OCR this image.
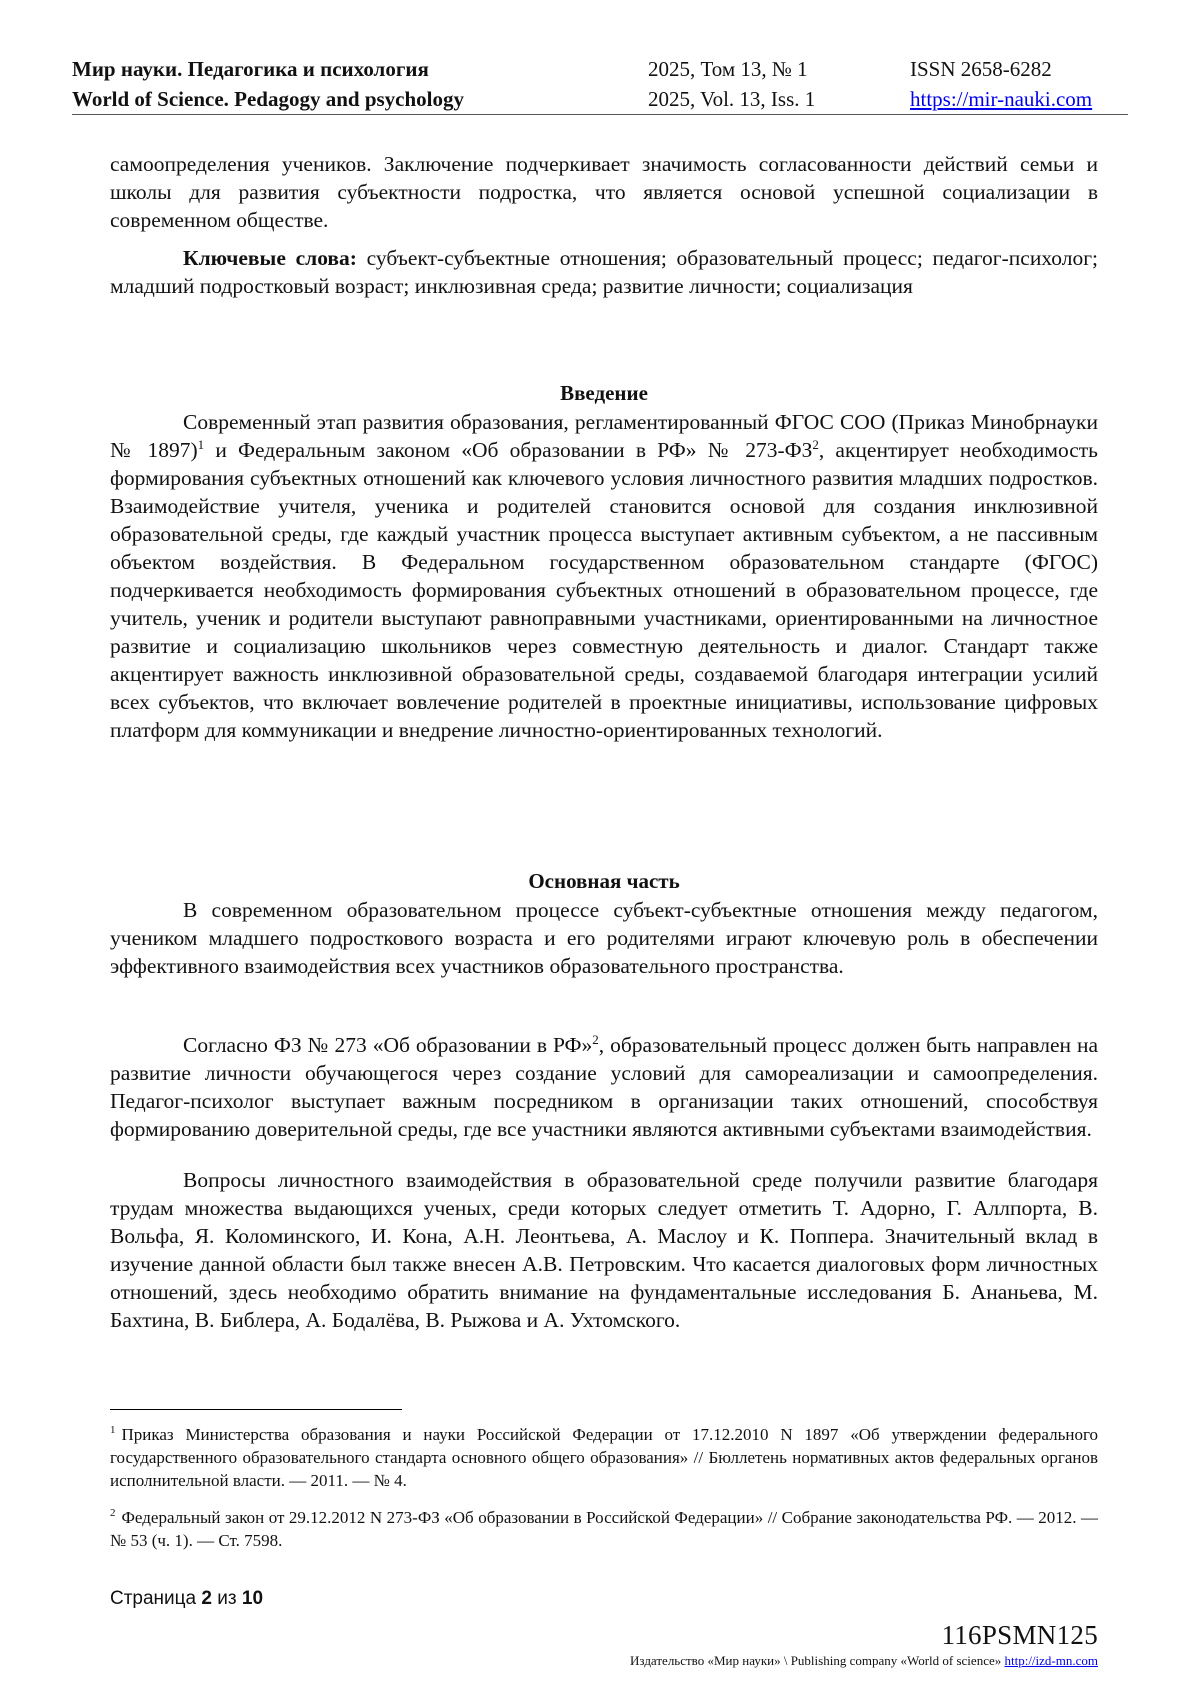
Мир науки. Педагогика и психология
World of Science. Pedagogy and psychology
2025, Том 13, № 1
2025, Vol. 13, Iss. 1
ISSN 2658-6282
https://mir-nauki.com

самоопределения учеников. Заключение подчеркивает значимость согласованности действий семьи и школы для развития субъектности подростка, что является основой успешной социализации в современном обществе.

Ключевые слова: субъект-субъектные отношения; образовательный процесс; педагог-психолог; младший подростковый возраст; инклюзивная среда; развитие личности; социализация

Введение

Современный этап развития образования, регламентированный ФГОС СОО (Приказ Минобрнауки № 1897)$^1$ и Федеральным законом «Об образовании в РФ» № $273-ФЗ^2$, акцентирует необходимость формирования субъектных отношений как ключевого условия личностного развития младших подростков. Взаимодействие учителя, ученика и родителей становится основой для создания инклюзивной образовательной среды, где каждый участник процесса выступает активным субъектом, а не пассивным объектом воздействия. В Федеральном государственном образовательном стандарте (ФГОС) подчеркивается необходимость формирования субъектных отношений в образовательном процессе, где учитель, ученик и родители выступают равноправными участниками, ориентированными на личностное развитие и социализацию школьников через совместную деятельность и диалог. Стандарт также акцентирует важность инклюзивной образовательной среды, создаваемой благодаря интеграции усилий всех субъектов, что включает вовлечение родителей в проектные инициативы, использование цифровых платформ для коммуникации и внедрение личностно-ориентированных технологий.

Основная часть

В современном образовательном процессе субъект-субъектные отношения между педагогом, учеником младшего подросткового возраста и его родителями играют ключевую роль в обеспечении эффективного взаимодействия всех участников образовательного пространства.

Согласно ФЗ № 273 «Об образовании в РФ»$^2$, образовательный процесс должен быть направлен на развитие личности обучающегося через создание условий для самореализации и самоопределения. Педагог-психолог выступает важным посредником в организации таких отношений, способствуя формированию доверительной среды, где все участники являются активными субъектами взаимодействия.

Вопросы личностного взаимодействия в образовательной среде получили развитие благодаря трудам множества выдающихся ученых, среди которых следует отметить Т. Адорно, Г. Аллпорта, В. Вольфа, Я. Коломинского, И. Кона, А.Н. Леонтьева, А. Маслоу и К. Поппера. Значительный вклад в изучение данной области был также внесен А.В. Петровским. Что касается диалоговых форм личностных отношений, здесь необходимо обратить внимание на фундаментальные исследования Б. Ананьева, М. Бахтина, В. Библера, А. Бодалёва, В. Рыжова и А. Ухтомского.

$^1$ Приказ Министерства образования и науки Российской Федерации от 17.12.2010 N 1897 «Об утверждении федерального государственного образовательного стандарта основного общего образования» // Бюллетень нормативных актов федеральных органов исполнительной власти. — 2011. — № 4.
$^2$ Федеральный закон от 29.12.2012 N 273-ФЗ «Об образовании в Российской Федерации» // Собрание законодательства РФ. — 2012. — № 53 (ч. 1). — Ст. 7598.
Страница 2 из 10
116PSMN125
Издательство «Мир науки» \ Publishing company «World of science» http://izd-mn.com
